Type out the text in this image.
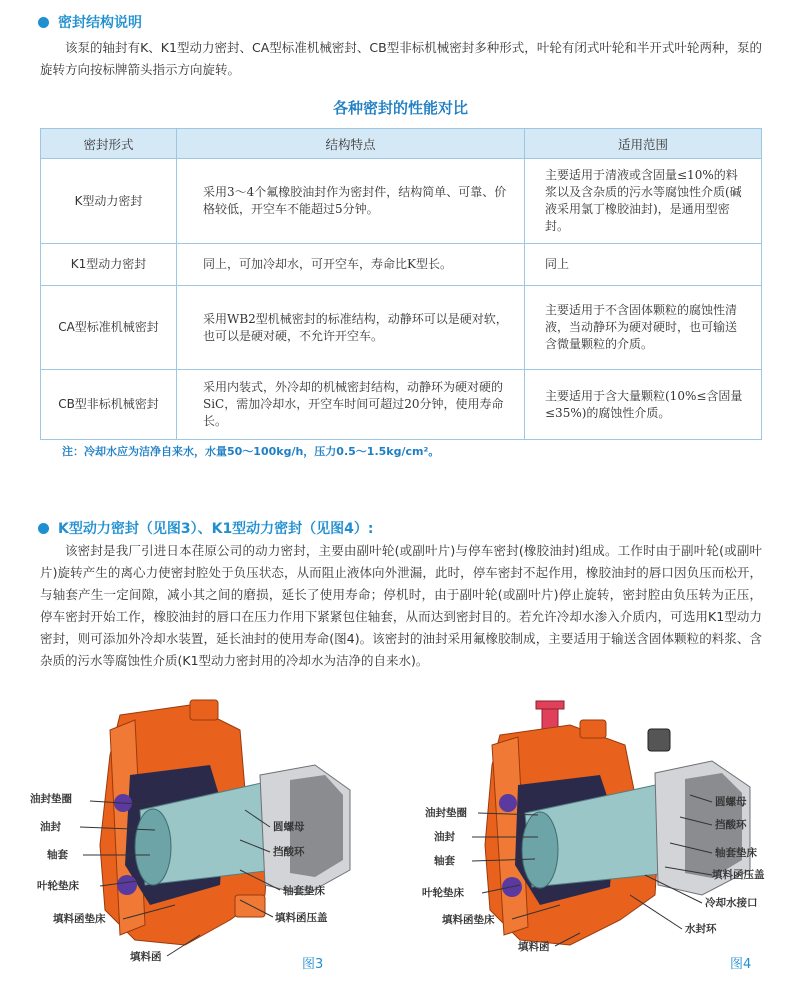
密封结构说明
该泵的轴封有K、K1型动力密封、CA型标准机械密封、CB型非标机械密封多种形式，叶轮有闭式叶轮和半开式叶轮两种，泵的旋转方向按标牌箭头指示方向旋转。
各种密封的性能对比
密封形式	结构特点	适用范围
K型动力密封	采用3～4个氟橡胶油封作为密封件，结构简单、可靠、价格较低，开空车不能超过5分钟。	主要适用于清液或含固量≤10%的料浆以及含杂质的污水等腐蚀性介质(碱液采用氯丁橡胶油封)，是通用型密封。
K1型动力密封	同上，可加冷却水，可开空车，寿命比K型长。	同上
CA型标准机械密封	采用WB2型机械密封的标准结构，动静环可以是硬对软，也可以是硬对硬，不允许开空车。	主要适用于不含固体颗粒的腐蚀性清液，当动静环为硬对硬时，也可输送含微量颗粒的介质。
CB型非标机械密封	采用内装式，外冷却的机械密封结构，动静环为硬对硬的SiC，需加冷却水，开空车时间可超过20分钟，使用寿命长。	主要适用于含大量颗粒(10%≤含固量≤35%)的腐蚀性介质。
注：冷却水应为洁净自来水，水量50～100kg/h，压力0.5～1.5kg/cm²。
K型动力密封（见图3）、K1型动力密封（见图4）:
该密封是我厂引进日本荏原公司的动力密封，主要由副叶轮(或副叶片)与停车密封(橡胶油封)组成。工作时由于副叶轮(或副叶片)旋转产生的离心力使密封腔处于负压状态，从而阻止液体向外泄漏，此时，停车密封不起作用，橡胶油封的唇口因负压而松开，与轴套产生一定间隙，减小其之间的磨损，延长了使用寿命；停机时，由于副叶轮(或副叶片)停止旋转，密封腔由负压转为正压，停车密封开始工作，橡胶油封的唇口在压力作用下紧紧包住轴套，从而达到密封目的。若允许冷却水渗入介质内，可选用K1型动力密封，则可添加外冷却水装置，延长油封的使用寿命(图4)。该密封的油封采用氟橡胶制成，主要适用于输送含固体颗粒的料浆、含杂质的污水等腐蚀性介质(K1型动力密封用的冷却水为洁净的自来水)。
油封垫圈
油封
轴套
叶轮垫床
填料函垫床
填料函
圆螺母
挡酸环
轴套垫床
填料函压盖
图3
油封垫圈
油封
轴套
叶轮垫床
填料函垫床
填料函
圆螺母
挡酸环
轴套垫床
填料函压盖
冷却水接口
水封环
图4
